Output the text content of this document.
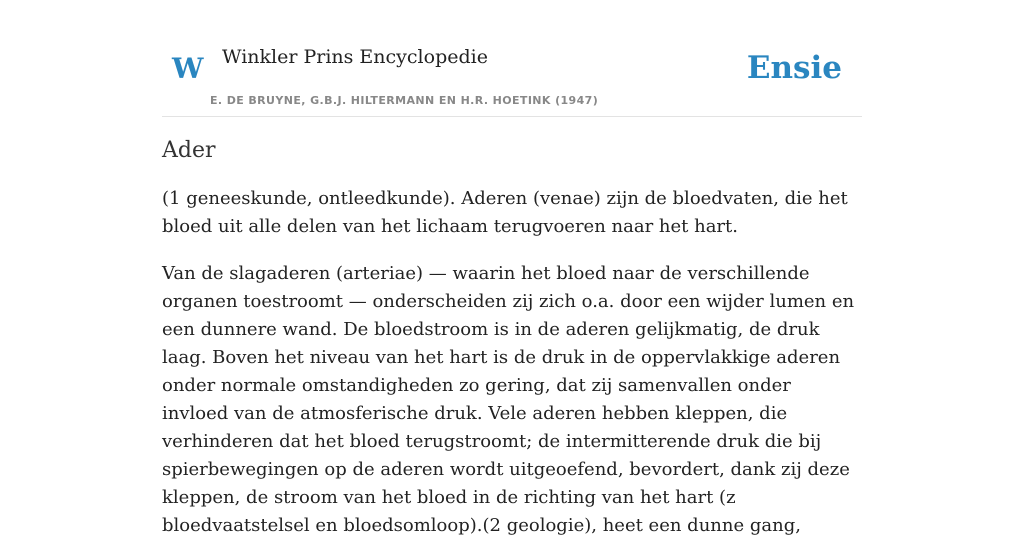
W Winkler Prins Encyclopedie
E. DE BRUYNE, G.B.J. HILTERMANN EN H.R. HOETINK (1947)
Ensie
Ader

(1 geneeskunde, ontleedkunde). Aderen (venae) zijn de bloedvaten, die het bloed uit alle delen van het lichaam terugvoeren naar het hart.

Van de slagaderen (arteriae) — waarin het bloed naar de verschillende organen toestroomt — onderscheiden zij zich o.a. door een wijder lumen en een dunnere wand. De bloedstroom is in de aderen gelijkmatig, de druk laag. Boven het niveau van het hart is de druk in de oppervlakkige aderen onder normale omstandigheden zo gering, dat zij samenvallen onder invloed van de atmosferische druk. Vele aderen hebben kleppen, die verhinderen dat het bloed terugstroomt; de intermitterende druk die bij spierbewegingen op de aderen wordt uitgeoefend, bevordert, dank zij deze kleppen, de stroom van het bloed in de richting van het hart (z bloedvaatstelsel en bloedsomloop).(2 geologie), heet een dunne gang,
